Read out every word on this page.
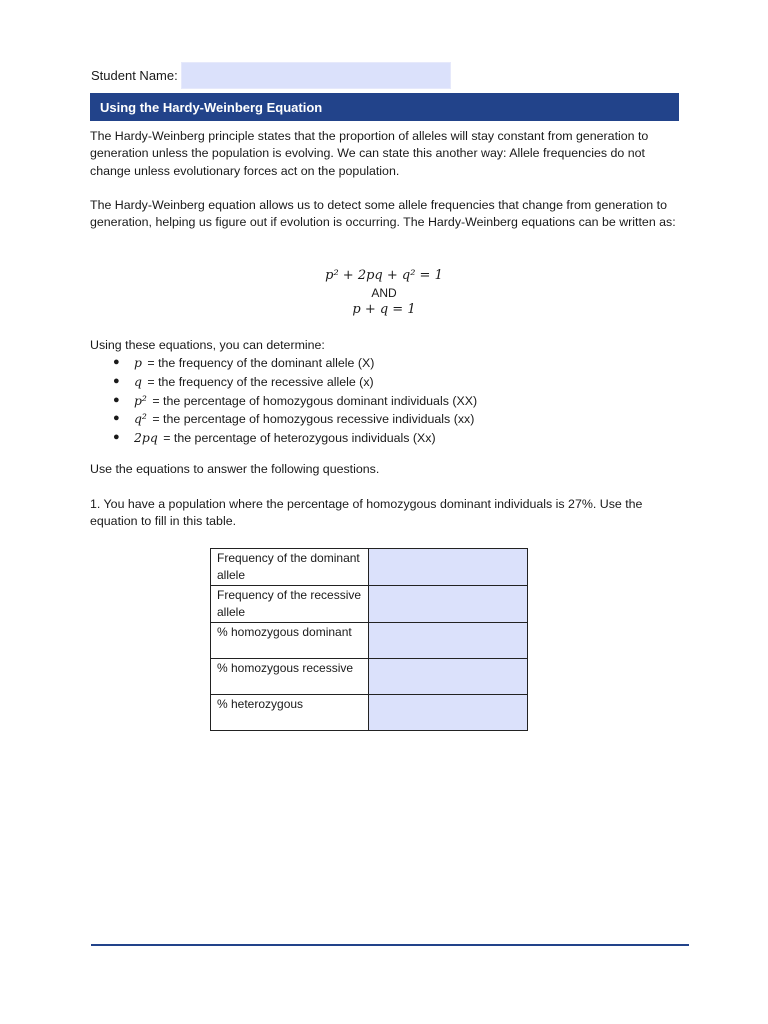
Student Name:
Using the Hardy-Weinberg Equation

The Hardy-Weinberg principle states that the proportion of alleles will stay constant from generation to generation unless the population is evolving. We can state this another way: Allele frequencies do not change unless evolutionary forces act on the population.

The Hardy-Weinberg equation allows us to detect some allele frequencies that change from generation to generation, helping us figure out if evolution is occurring. The Hardy-Weinberg equations can be written as:

p² + 2pq + q² = 1

AND

p + q = 1

Using these equations, you can determine:

● p = the frequency of the dominant allele (X)
● q = the frequency of the recessive allele (x)
● p² = the percentage of homozygous dominant individuals (XX)
● q² = the percentage of homozygous recessive individuals (xx)
● 2pq = the percentage of heterozygous individuals (Xx)

Use the equations to answer the following questions.

1. You have a population where the percentage of homozygous dominant individuals is 27%. Use the equation to fill in this table.

Frequency of the dominant allele	
Frequency of the recessive allele	
% homozygous dominant	
% homozygous recessive	
% heterozygous	
